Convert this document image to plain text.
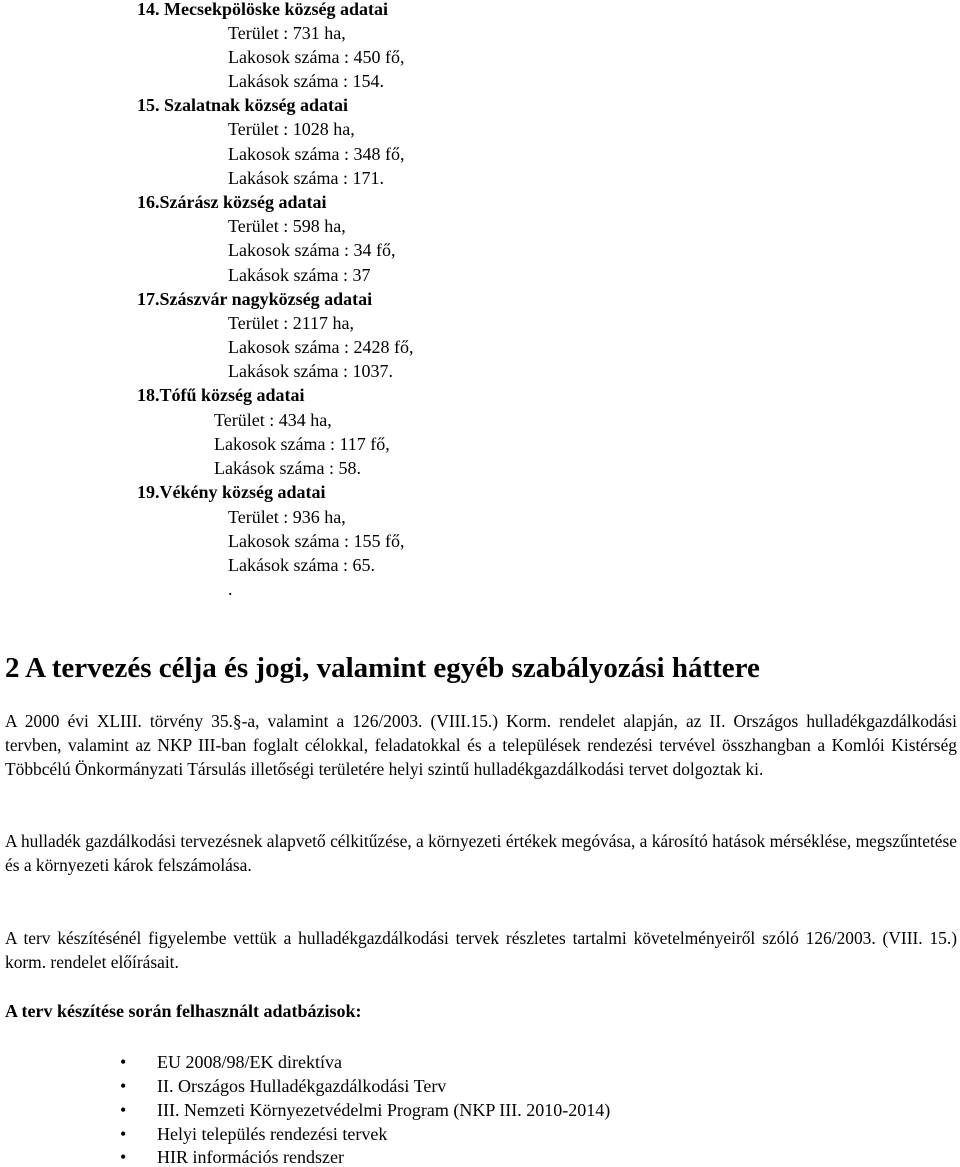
14. Mecsekpölöske község adatai
Terület : 731 ha,
Lakosok száma : 450 fő,
Lakások száma : 154.
15. Szalatnak község adatai
Terület : 1028 ha,
Lakosok száma : 348 fő,
Lakások száma : 171.
16.Szárász község adatai
Terület : 598 ha,
Lakosok száma : 34 fő,
Lakások száma : 37
17.Szászvár nagyközség adatai
Terület : 2117 ha,
Lakosok száma : 2428 fő,
Lakások száma : 1037.
18.Tófű község adatai
Terület : 434 ha,
Lakosok száma : 117 fő,
Lakások száma : 58.
19.Vékény község adatai
Terület : 936 ha,
Lakosok száma : 155 fő,
Lakások száma : 65.
.
2 A tervezés célja és jogi, valamint egyéb szabályozási háttere
A 2000 évi XLIII. törvény 35.§-a, valamint a 126/2003. (VIII.15.) Korm. rendelet alapján, az II. Országos hulladékgazdálkodási tervben, valamint az NKP III-ban foglalt célokkal, feladatokkal és a települések rendezési tervével összhangban a Komlói Kistérség Többcélú Önkormányzati Társulás illetőségi területére helyi szintű hulladékgazdálkodási tervet dolgoztak ki.
A hulladék gazdálkodási tervezésnek alapvető célkitűzése, a környezeti értékek megóvása, a károsító hatások mérséklése, megszűntetése és a környezeti károk felszámolása.
A terv készítésénél figyelembe vettük a hulladékgazdálkodási tervek részletes tartalmi követelményeiről szóló 126/2003. (VIII. 15.) korm. rendelet előírásait.
A terv készítése során felhasznált adatbázisok:
• EU 2008/98/EK direktíva
• II. Országos Hulladékgazdálkodási Terv
• III. Nemzeti Környezetvédelmi Program (NKP III. 2010-2014)
• Helyi település rendezési tervek
• HIR információs rendszer
